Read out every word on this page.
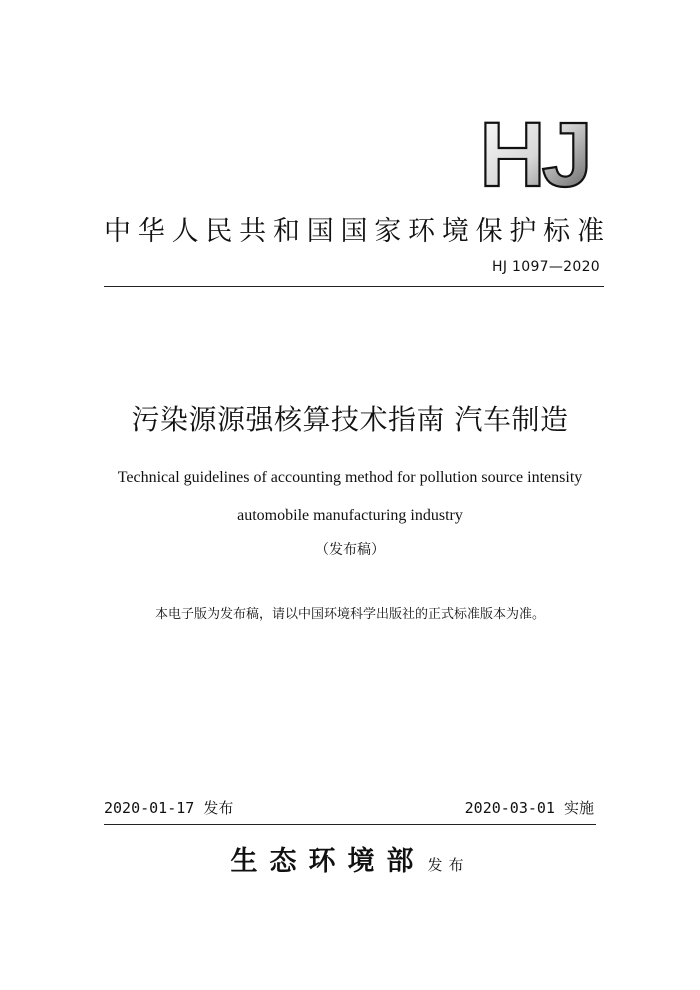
HJ
中 华 人 民 共 和 国 国 家 环 境 保 护 标 准
HJ 1097—2020
污染源源强核算技术指南 汽车制造
Technical guidelines of accounting method for pollution source intensity
automobile manufacturing industry
（发布稿）
本电子版为发布稿，请以中国环境科学出版社的正式标准版本为准。
2020-01-17 发布	2020-03-01 实施
生态环境部 发布
